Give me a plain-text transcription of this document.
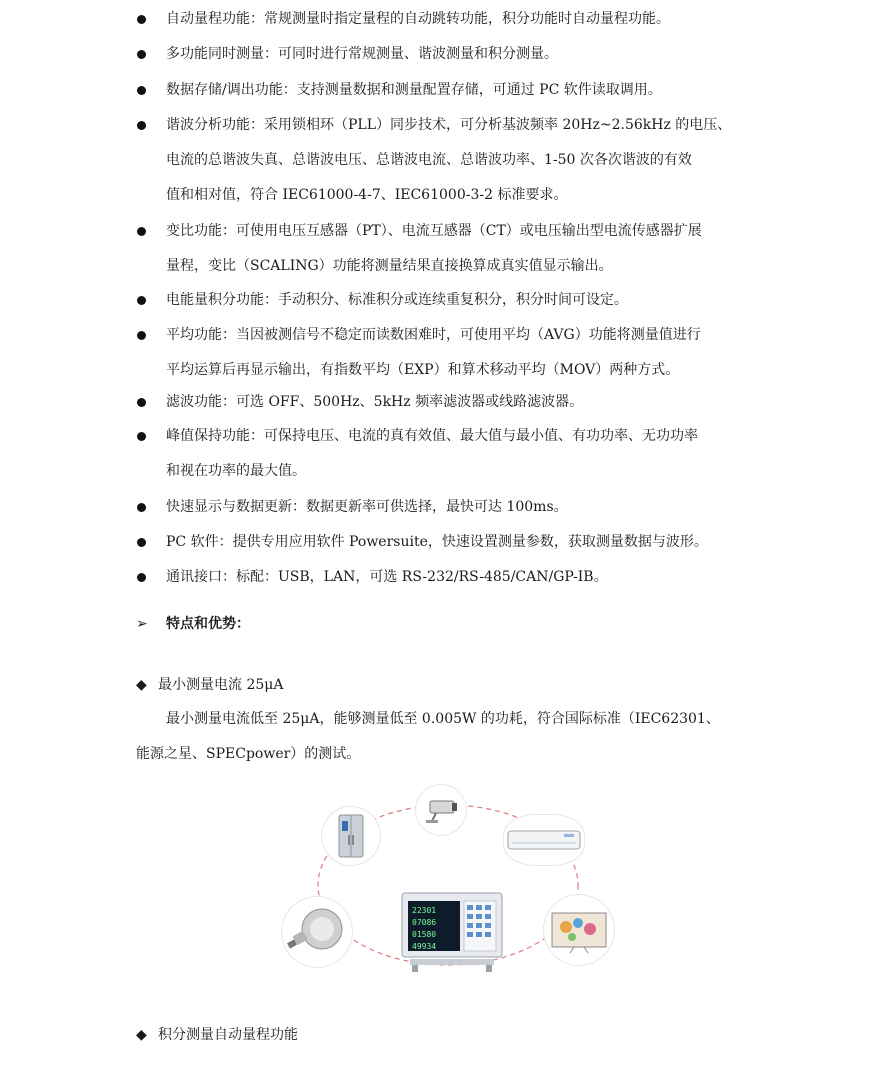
自动量程功能：常规测量时指定量程的自动跳转功能，积分功能时自动量程功能。
多功能同时测量：可同时进行常规测量、谐波测量和积分测量。
数据存储/调出功能：支持测量数据和测量配置存储，可通过 PC 软件读取调用。
谐波分析功能：采用锁相环（PLL）同步技术，可分析基波频率 20Hz~2.56kHz 的电压、
电流的总谐波失真、总谐波电压、总谐波电流、总谐波功率、1-50 次各次谐波的有效
值和相对值，符合 IEC61000-4-7、IEC61000-3-2 标准要求。
变比功能：可使用电压互感器（PT）、电流互感器（CT）或电压输出型电流传感器扩展
量程，变比（SCALING）功能将测量结果直接换算成真实值显示输出。
电能量积分功能：手动积分、标准积分或连续重复积分，积分时间可设定。
平均功能：当因被测信号不稳定而读数困难时，可使用平均（AVG）功能将测量值进行
平均运算后再显示输出，有指数平均（EXP）和算术移动平均（MOV）两种方式。
滤波功能：可选 OFF、500Hz、5kHz 频率滤波器或线路滤波器。
峰值保持功能：可保持电压、电流的真有效值、最大值与最小值、有功功率、无功功率
和视在功率的最大值。
快速显示与数据更新：数据更新率可供选择，最快可达 100ms。
PC 软件：提供专用应用软件 Powersuite，快速设置测量参数，获取测量数据与波形。
通讯接口：标配：USB，LAN，可选 RS-232/RS-485/CAN/GP-IB。
➢ 特点和优势：
◆ 最小测量电流 25μA
最小测量电流低至 25μA，能够测量低至 0.005W 的功耗，符合国际标准（IEC62301、
能源之星、SPECpower）的测试。
22301
07086
01580
49934
◆ 积分测量自动量程功能
